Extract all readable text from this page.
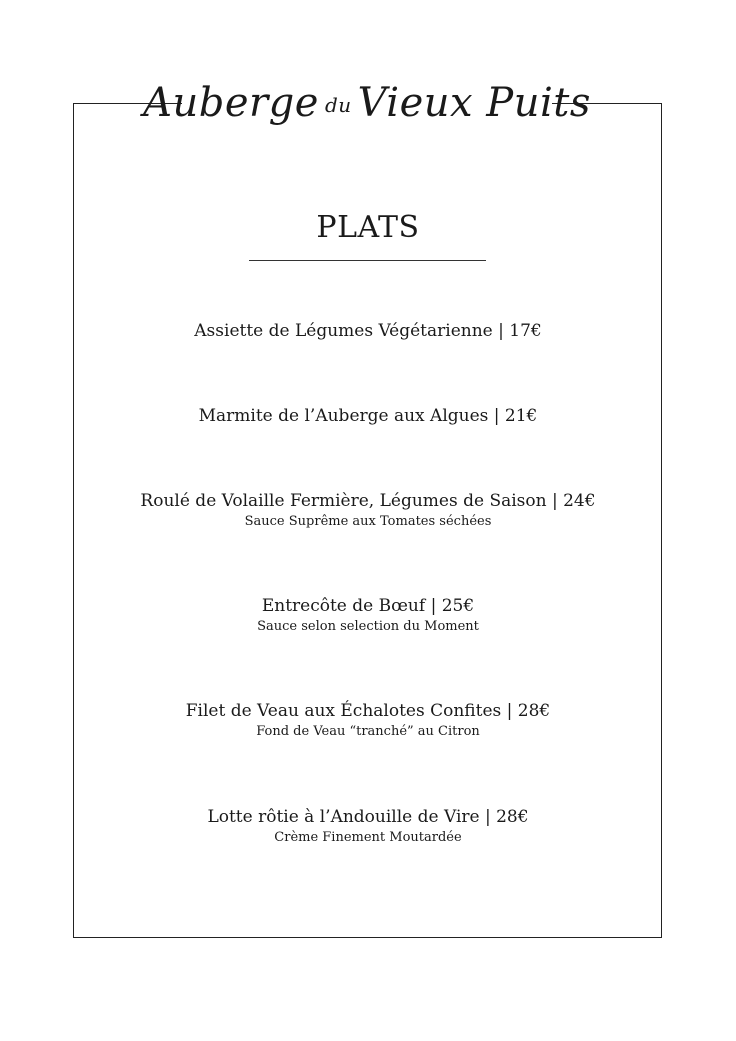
Auberge du Vieux Puits
PLATS
Assiette de Légumes Végétarienne | 17€
Marmite de l’Auberge aux Algues | 21€
Roulé de Volaille Fermière, Légumes de Saison | 24€
Sauce Suprême aux Tomates séchées
Entrecôte de Bœuf | 25€
Sauce selon selection du Moment
Filet de Veau aux Échalotes Confites | 28€
Fond de Veau “tranché” au Citron
Lotte rôtie à l’Andouille de Vire | 28€
Crème Finement Moutardée
